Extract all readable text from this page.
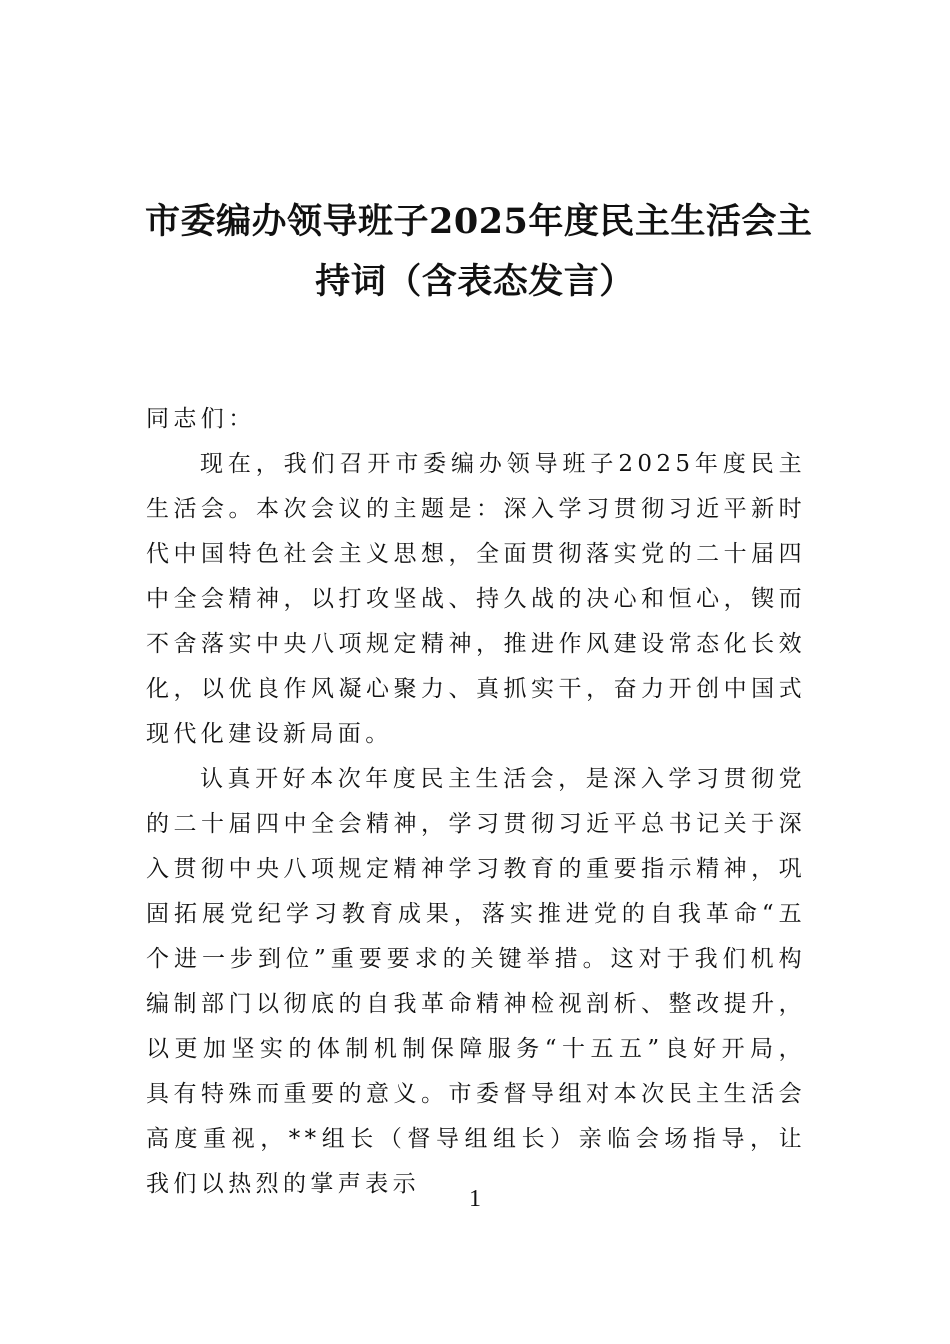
市委编办领导班子2025年度民主生活会主
持词（含表态发言）

同志们：

现在，我们召开市委编办领导班子2025年度民主生活会。本次会议的主题是：深入学习贯彻习近平新时代中国特色社会主义思想，全面贯彻落实党的二十届四中全会精神，以打攻坚战、持久战的决心和恒心，锲而不舍落实中央八项规定精神，推进作风建设常态化长效化，以优良作风凝心聚力、真抓实干，奋力开创中国式现代化建设新局面。

认真开好本次年度民主生活会，是深入学习贯彻党的二十届四中全会精神，学习贯彻习近平总书记关于深入贯彻中央八项规定精神学习教育的重要指示精神，巩固拓展党纪学习教育成果，落实推进党的自我革命“五个进一步到位”重要要求的关键举措。这对于我们机构编制部门以彻底的自我革命精神检视剖析、整改提升，以更加坚实的体制机制保障服务“十五五”良好开局，具有特殊而重要的意义。市委督导组对本次民主生活会高度重视，**组长（督导组组长）亲临会场指导，让我们以热烈的掌声表示

1
